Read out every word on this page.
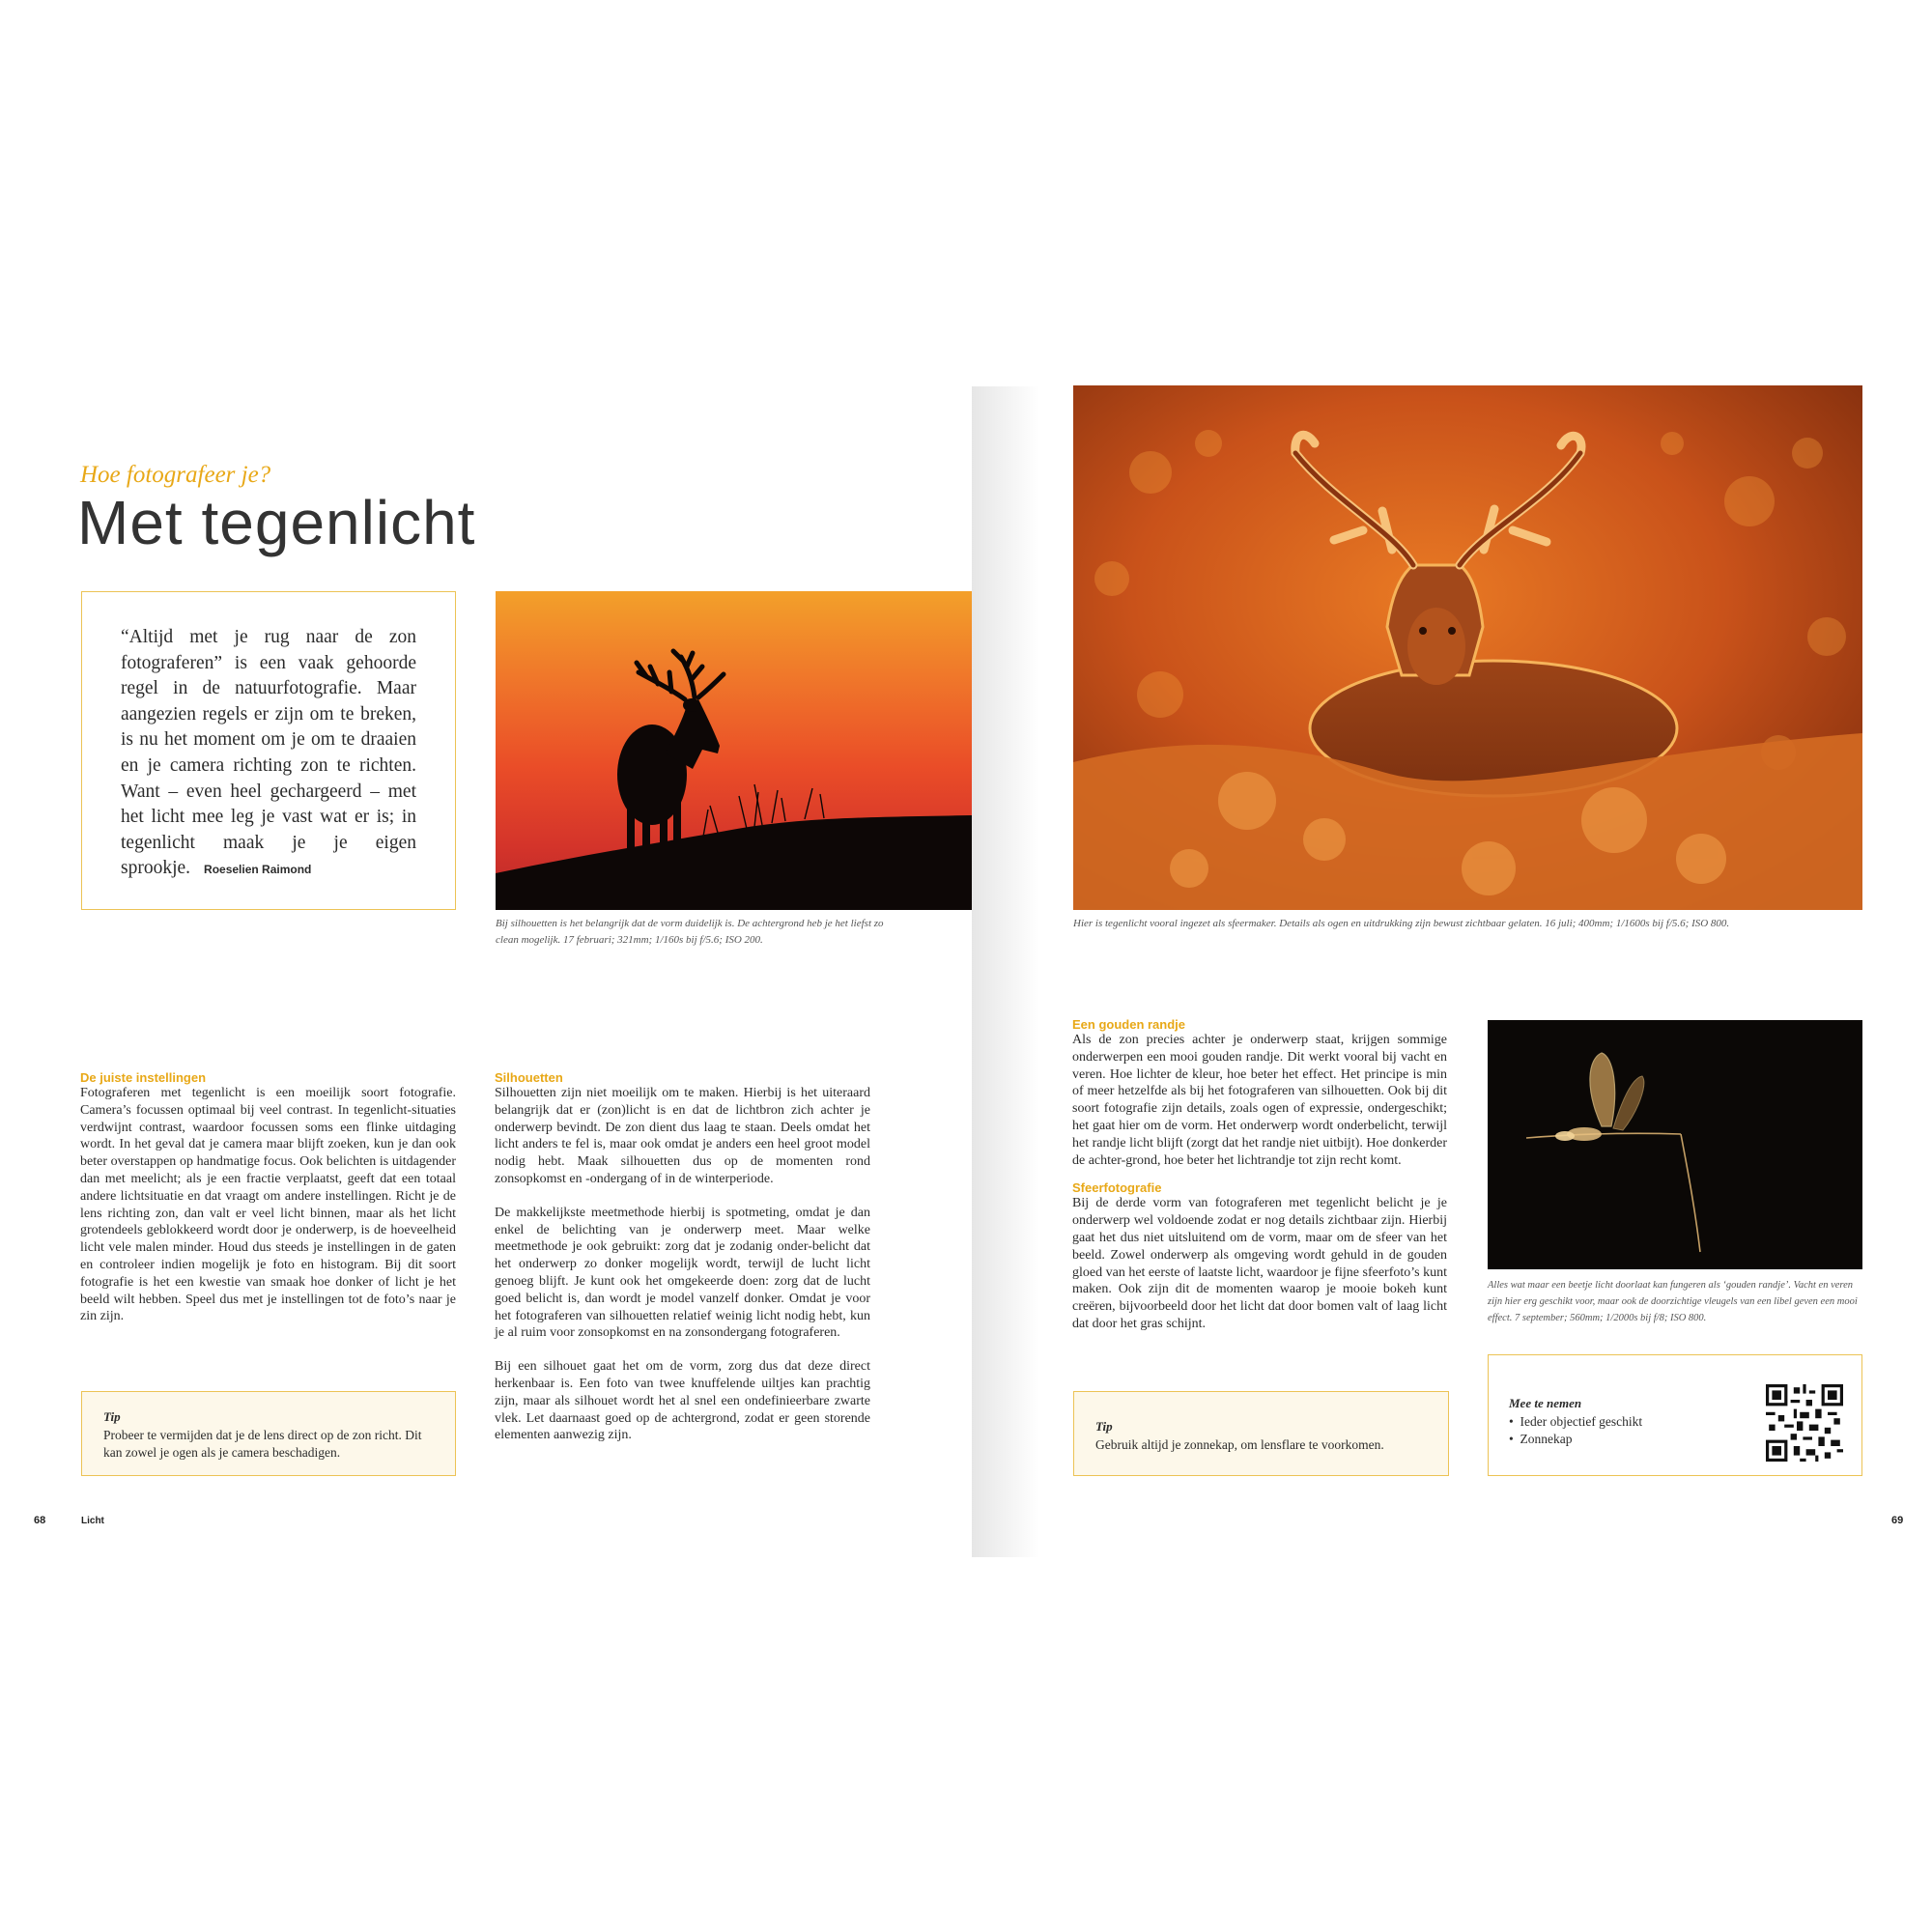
Hoe fotografeer je?
Met tegenlicht
“Altijd met je rug naar de zon fotograferen” is een vaak gehoorde regel in de natuurfotografie. Maar aangezien regels er zijn om te breken, is nu het moment om je om te draaien en je camera richting zon te richten. Want – even heel gechargeerd – met het licht mee leg je vast wat er is; in tegenlicht maak je je eigen sprookje. Roeselien Raimond
Bij silhouetten is het belangrijk dat de vorm duidelijk is. De achtergrond heb je het liefst zo clean mogelijk. 17 februari; 321mm; 1/160s bij f/5.6; ISO 200.
De juiste instellingen

Fotograferen met tegenlicht is een moeilijk soort fotografie. Camera’s focussen optimaal bij veel contrast. In tegenlicht-situaties verdwijnt contrast, waardoor focussen soms een flinke uitdaging wordt. In het geval dat je camera maar blijft zoeken, kun je dan ook beter overstappen op handmatige focus. Ook belichten is uitdagender dan met meelicht; als je een fractie verplaatst, geeft dat een totaal andere lichtsituatie en dat vraagt om andere instellingen. Richt je de lens richting zon, dan valt er veel licht binnen, maar als het licht grotendeels geblokkeerd wordt door je onderwerp, is de hoeveelheid licht vele malen minder. Houd dus steeds je instellingen in de gaten en controleer indien mogelijk je foto en histogram. Bij dit soort fotografie is het een kwestie van smaak hoe donker of licht je het beeld wilt hebben. Speel dus met je instellingen tot de foto’s naar je zin zijn.

Silhouetten

Silhouetten zijn niet moeilijk om te maken. Hierbij is het uiteraard belangrijk dat er (zon)licht is en dat de lichtbron zich achter je onderwerp bevindt. De zon dient dus laag te staan. Deels omdat het licht anders te fel is, maar ook omdat je anders een heel groot model nodig hebt. Maak silhouetten dus op de momenten rond zonsopkomst en -ondergang of in de winterperiode.

De makkelijkste meetmethode hierbij is spotmeting, omdat je dan enkel de belichting van je onderwerp meet. Maar welke meetmethode je ook gebruikt: zorg dat je zodanig onder-belicht dat het onderwerp zo donker mogelijk wordt, terwijl de lucht licht genoeg blijft. Je kunt ook het omgekeerde doen: zorg dat de lucht goed belicht is, dan wordt je model vanzelf donker. Omdat je voor het fotograferen van silhouetten relatief weinig licht nodig hebt, kun je al ruim voor zonsopkomst en na zonsondergang fotograferen.

Bij een silhouet gaat het om de vorm, zorg dus dat deze direct herkenbaar is. Een foto van twee knuffelende uiltjes kan prachtig zijn, maar als silhouet wordt het al snel een ondefinieerbare zwarte vlek. Let daarnaast goed op de achtergrond, zodat er geen storende elementen aanwezig zijn.

Tip
Probeer te vermijden dat je de lens direct op de zon richt. Dit kan zowel je ogen als je camera beschadigen.
68	Licht
Hier is tegenlicht vooral ingezet als sfeermaker. Details als ogen en uitdrukking zijn bewust zichtbaar gelaten. 16 juli; 400mm; 1/1600s bij f/5.6; ISO 800.
Een gouden randje

Als de zon precies achter je onderwerp staat, krijgen sommige onderwerpen een mooi gouden randje. Dit werkt vooral bij vacht en veren. Hoe lichter de kleur, hoe beter het effect. Het principe is min of meer hetzelfde als bij het fotograferen van silhouetten. Ook bij dit soort fotografie zijn details, zoals ogen of expressie, ondergeschikt; het gaat hier om de vorm. Het onderwerp wordt onderbelicht, terwijl het randje licht blijft (zorgt dat het randje niet uitbijt). Hoe donkerder de achter-grond, hoe beter het lichtrandje tot zijn recht komt.

Sfeerfotografie

Bij de derde vorm van fotograferen met tegenlicht belicht je je onderwerp wel voldoende zodat er nog details zichtbaar zijn. Hierbij gaat het dus niet uitsluitend om de vorm, maar om de sfeer van het beeld. Zowel onderwerp als omgeving wordt gehuld in de gouden gloed van het eerste of laatste licht, waardoor je fijne sfeerfoto’s kunt maken. Ook zijn dit de momenten waarop je mooie bokeh kunt creëren, bijvoorbeeld door het licht dat door bomen valt of laag licht dat door het gras schijnt.

Alles wat maar een beetje licht doorlaat kan fungeren als ‘gouden randje’. Vacht en veren zijn hier erg geschikt voor, maar ook de doorzichtige vleugels van een libel geven een mooi effect. 7 september; 560mm; 1/2000s bij f/8; ISO 800.
Tip
Gebruik altijd je zonnekap, om lensflare te voorkomen.
Mee te nemen
•  Ieder objectief geschikt
•  Zonnekap
69
